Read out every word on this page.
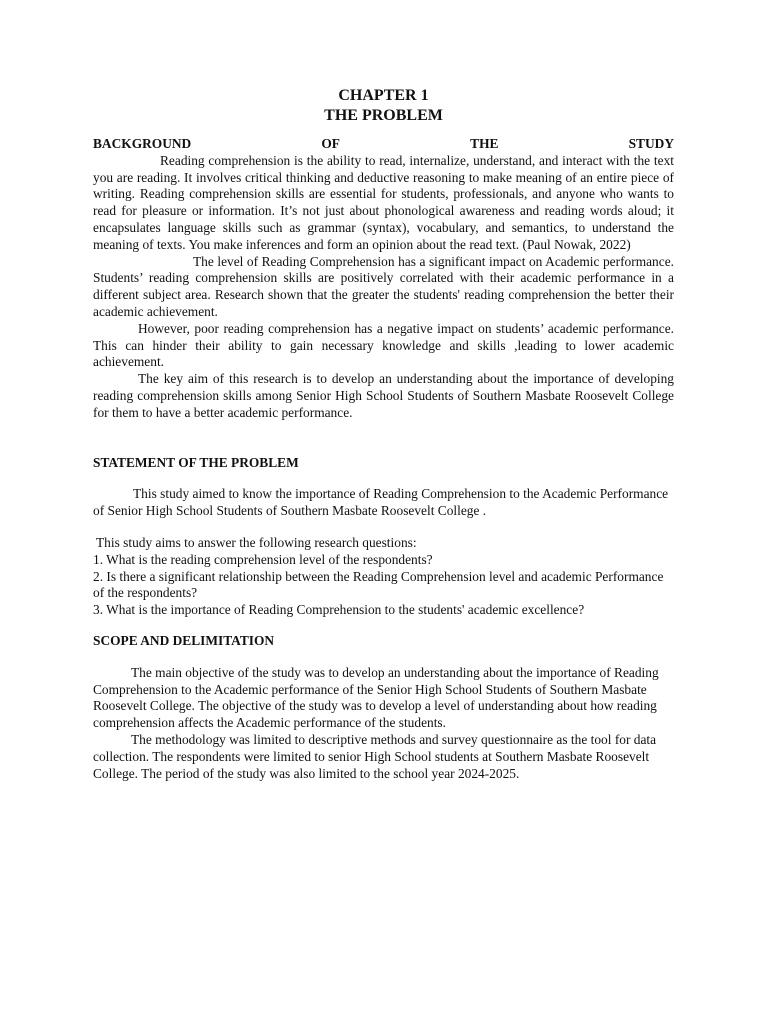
CHAPTER 1

THE PROBLEM

BACKGROUND	OF	THE	STUDY

Reading comprehension is the ability to read, internalize, understand, and interact with the text you are reading. It involves critical thinking and deductive reasoning to make meaning of an entire piece of writing. Reading comprehension skills are essential for students, professionals, and anyone who wants to read for pleasure or information. It’s not just about phonological awareness and reading words aloud; it encapsulates language skills such as grammar (syntax), vocabulary, and semantics, to understand the meaning of texts. You make inferences and form an opinion about the read text. (Paul Nowak, 2022)

The level of Reading Comprehension has a significant impact on Academic performance. Students’ reading comprehension skills are positively correlated with their academic performance in a different subject area. Research shown that the greater the students' reading comprehension the better their academic achievement.

However, poor reading comprehension has a negative impact on students’ academic performance. This can hinder their ability to gain necessary knowledge and skills ,leading to lower academic achievement.

The key aim of this research is to develop an understanding about the importance of developing reading comprehension skills among Senior High School Students of Southern Masbate Roosevelt College for them to have a better academic performance.

STATEMENT OF THE PROBLEM

This study aimed to know the importance of Reading Comprehension to the Academic Performance of Senior High School Students of Southern Masbate Roosevelt College .

This study aims to answer the following research questions:

1. What is the reading comprehension level of the respondents?

2. Is there a significant relationship between the Reading Comprehension level and academic Performance of the respondents?

3. What is the importance of Reading Comprehension to the students' academic excellence?

SCOPE AND DELIMITATION

The main objective of the study was to develop an understanding about the importance of Reading Comprehension to the Academic performance of the Senior High School Students of Southern Masbate Roosevelt College. The objective of the study was to develop a level of understanding about how reading comprehension affects the Academic performance of the students.

The methodology was limited to descriptive methods and survey questionnaire as the tool for data collection. The respondents were limited to senior High School students at Southern Masbate Roosevelt College. The period of the study was also limited to the school year 2024-2025.
